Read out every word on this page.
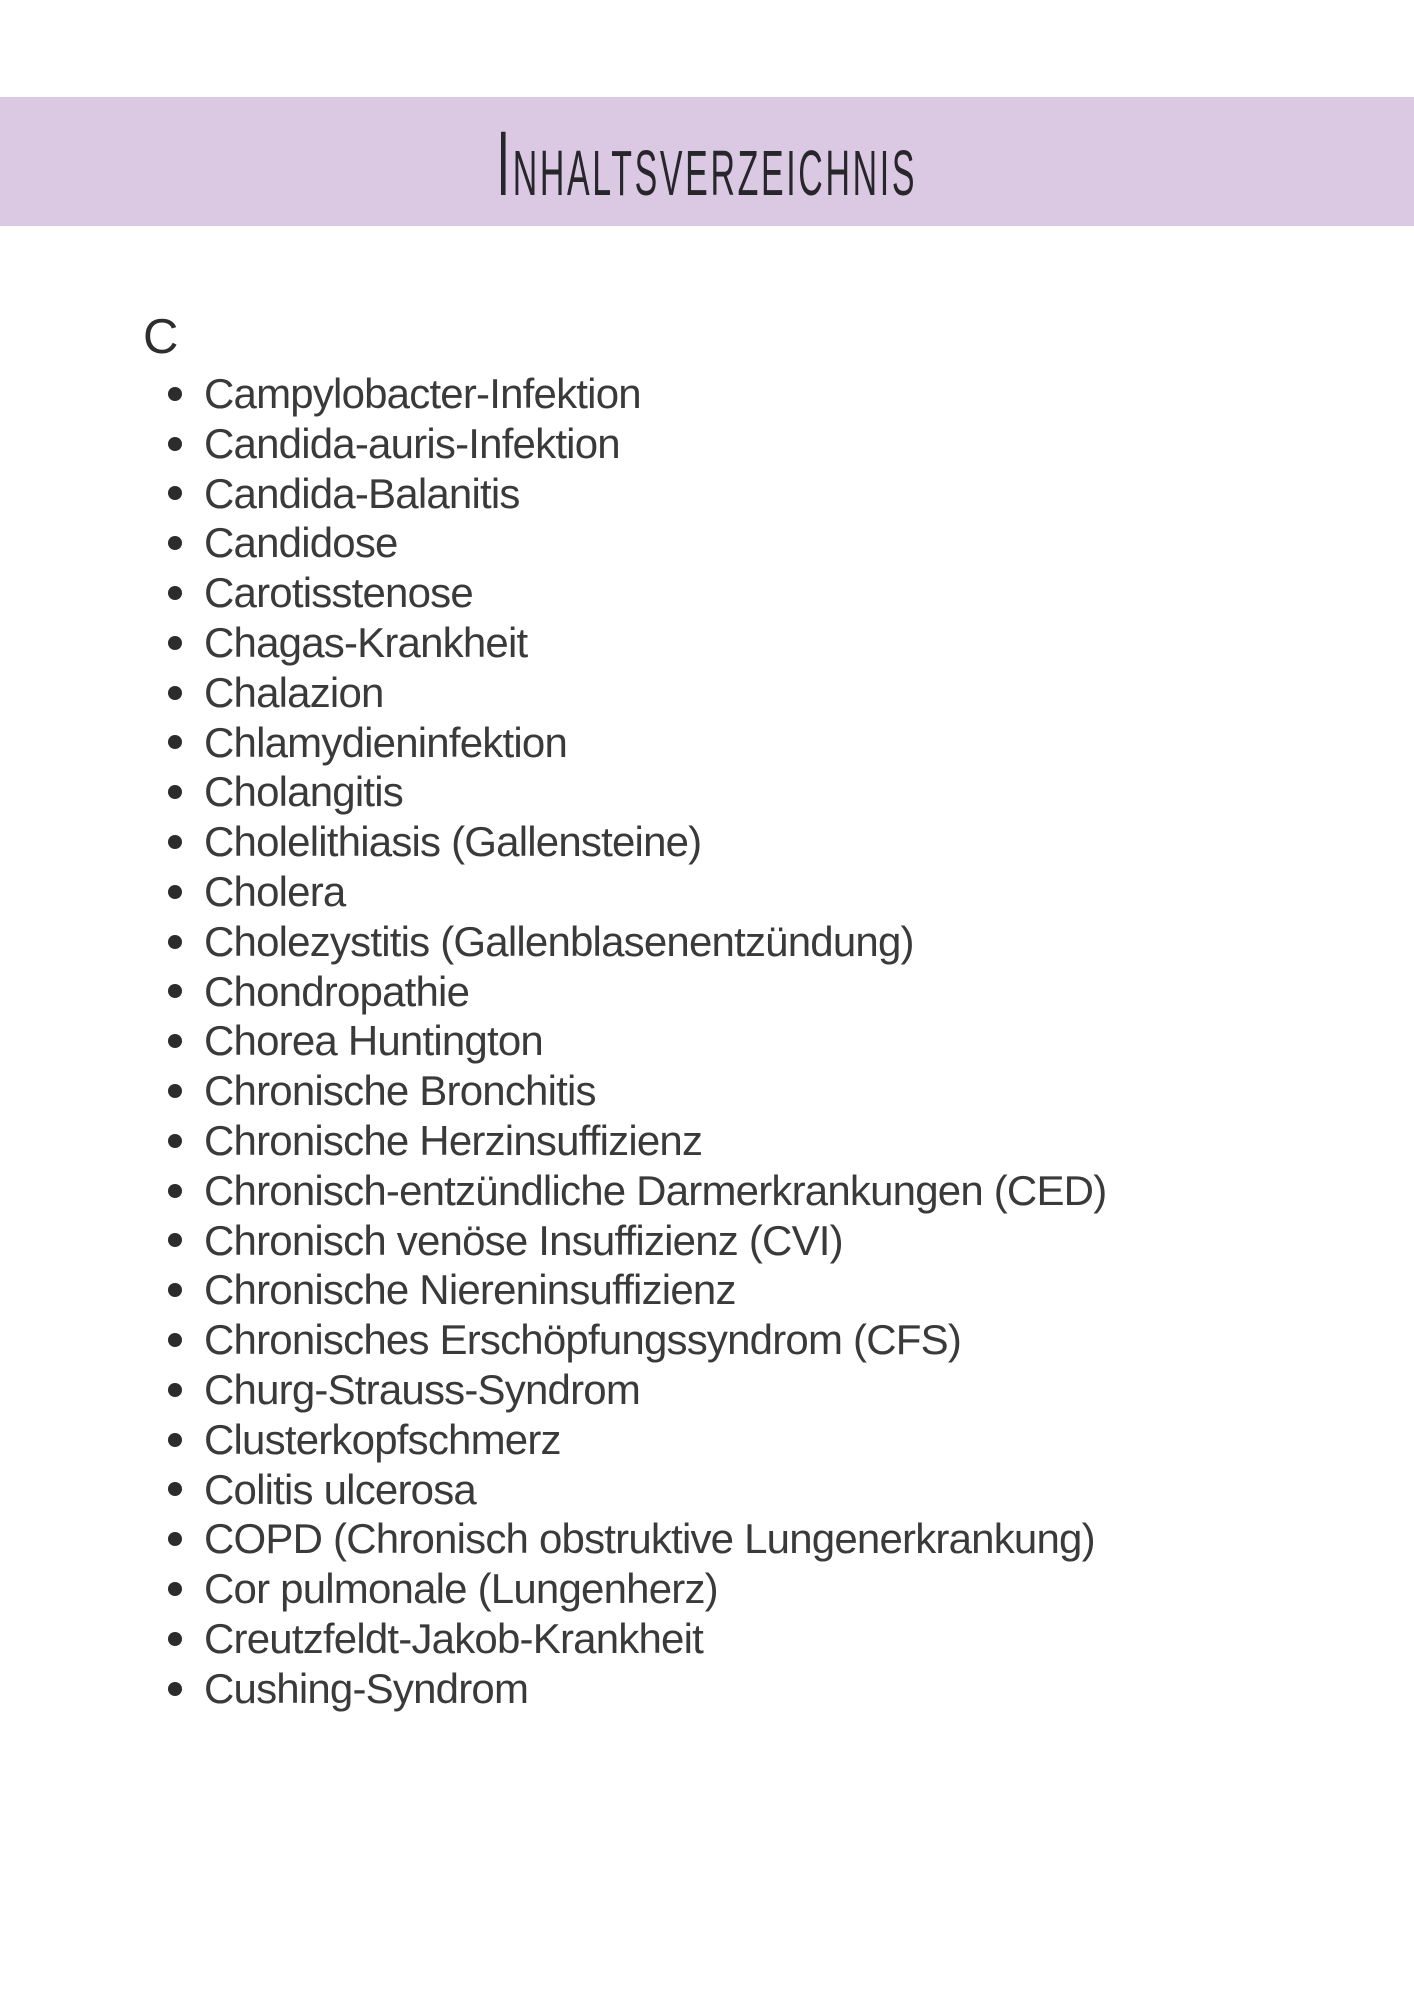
Inhaltsverzeichnis
C
Campylobacter-Infektion
Candida-auris-Infektion
Candida-Balanitis
Candidose
Carotisstenose
Chagas-Krankheit
Chalazion
Chlamydieninfektion
Cholangitis
Cholelithiasis (Gallensteine)
Cholera
Cholezystitis (Gallenblasenentzündung)
Chondropathie
Chorea Huntington
Chronische Bronchitis
Chronische Herzinsuffizienz
Chronisch-entzündliche Darmerkrankungen (CED)
Chronisch venöse Insuffizienz (CVI)
Chronische Niereninsuffizienz
Chronisches Erschöpfungssyndrom (CFS)
Churg-Strauss-Syndrom
Clusterkopfschmerz
Colitis ulcerosa
COPD (Chronisch obstruktive Lungenerkrankung)
Cor pulmonale (Lungenherz)
Creutzfeldt-Jakob-Krankheit
Cushing-Syndrom
